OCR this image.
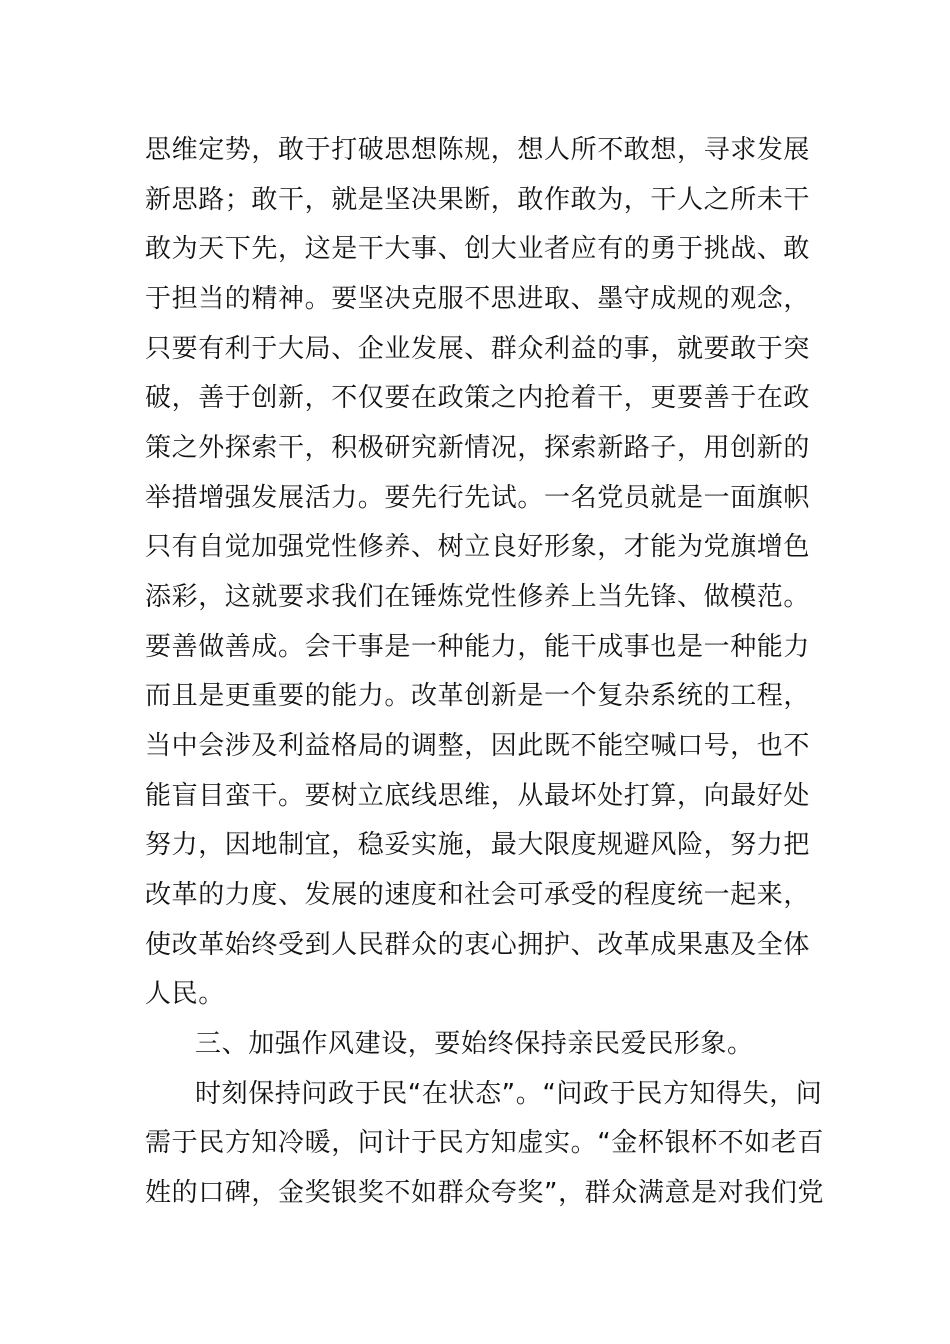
思维定势，敢于打破思想陈规，想人所不敢想，寻求发展
新思路；敢干，就是坚决果断，敢作敢为，干人之所未干
敢为天下先，这是干大事、创大业者应有的勇于挑战、敢
于担当的精神。要坚决克服不思进取、墨守成规的观念，
只要有利于大局、企业发展、群众利益的事，就要敢于突
破，善于创新，不仅要在政策之内抢着干，更要善于在政
策之外探索干，积极研究新情况，探索新路子，用创新的
举措增强发展活力。要先行先试。一名党员就是一面旗帜
只有自觉加强党性修养、树立良好形象，才能为党旗增色
添彩，这就要求我们在锤炼党性修养上当先锋、做模范。
要善做善成。会干事是一种能力，能干成事也是一种能力
而且是更重要的能力。改革创新是一个复杂系统的工程，
当中会涉及利益格局的调整，因此既不能空喊口号，也不
能盲目蛮干。要树立底线思维，从最坏处打算，向最好处
努力，因地制宜，稳妥实施，最大限度规避风险，努力把
改革的力度、发展的速度和社会可承受的程度统一起来，
使改革始终受到人民群众的衷心拥护、改革成果惠及全体
人民。
三、加强作风建设，要始终保持亲民爱民形象。
时刻保持问政于民“在状态”。“问政于民方知得失，问
需于民方知冷暖，问计于民方知虚实。“金杯银杯不如老百
姓的口碑，金奖银奖不如群众夸奖”，群众满意是对我们党
